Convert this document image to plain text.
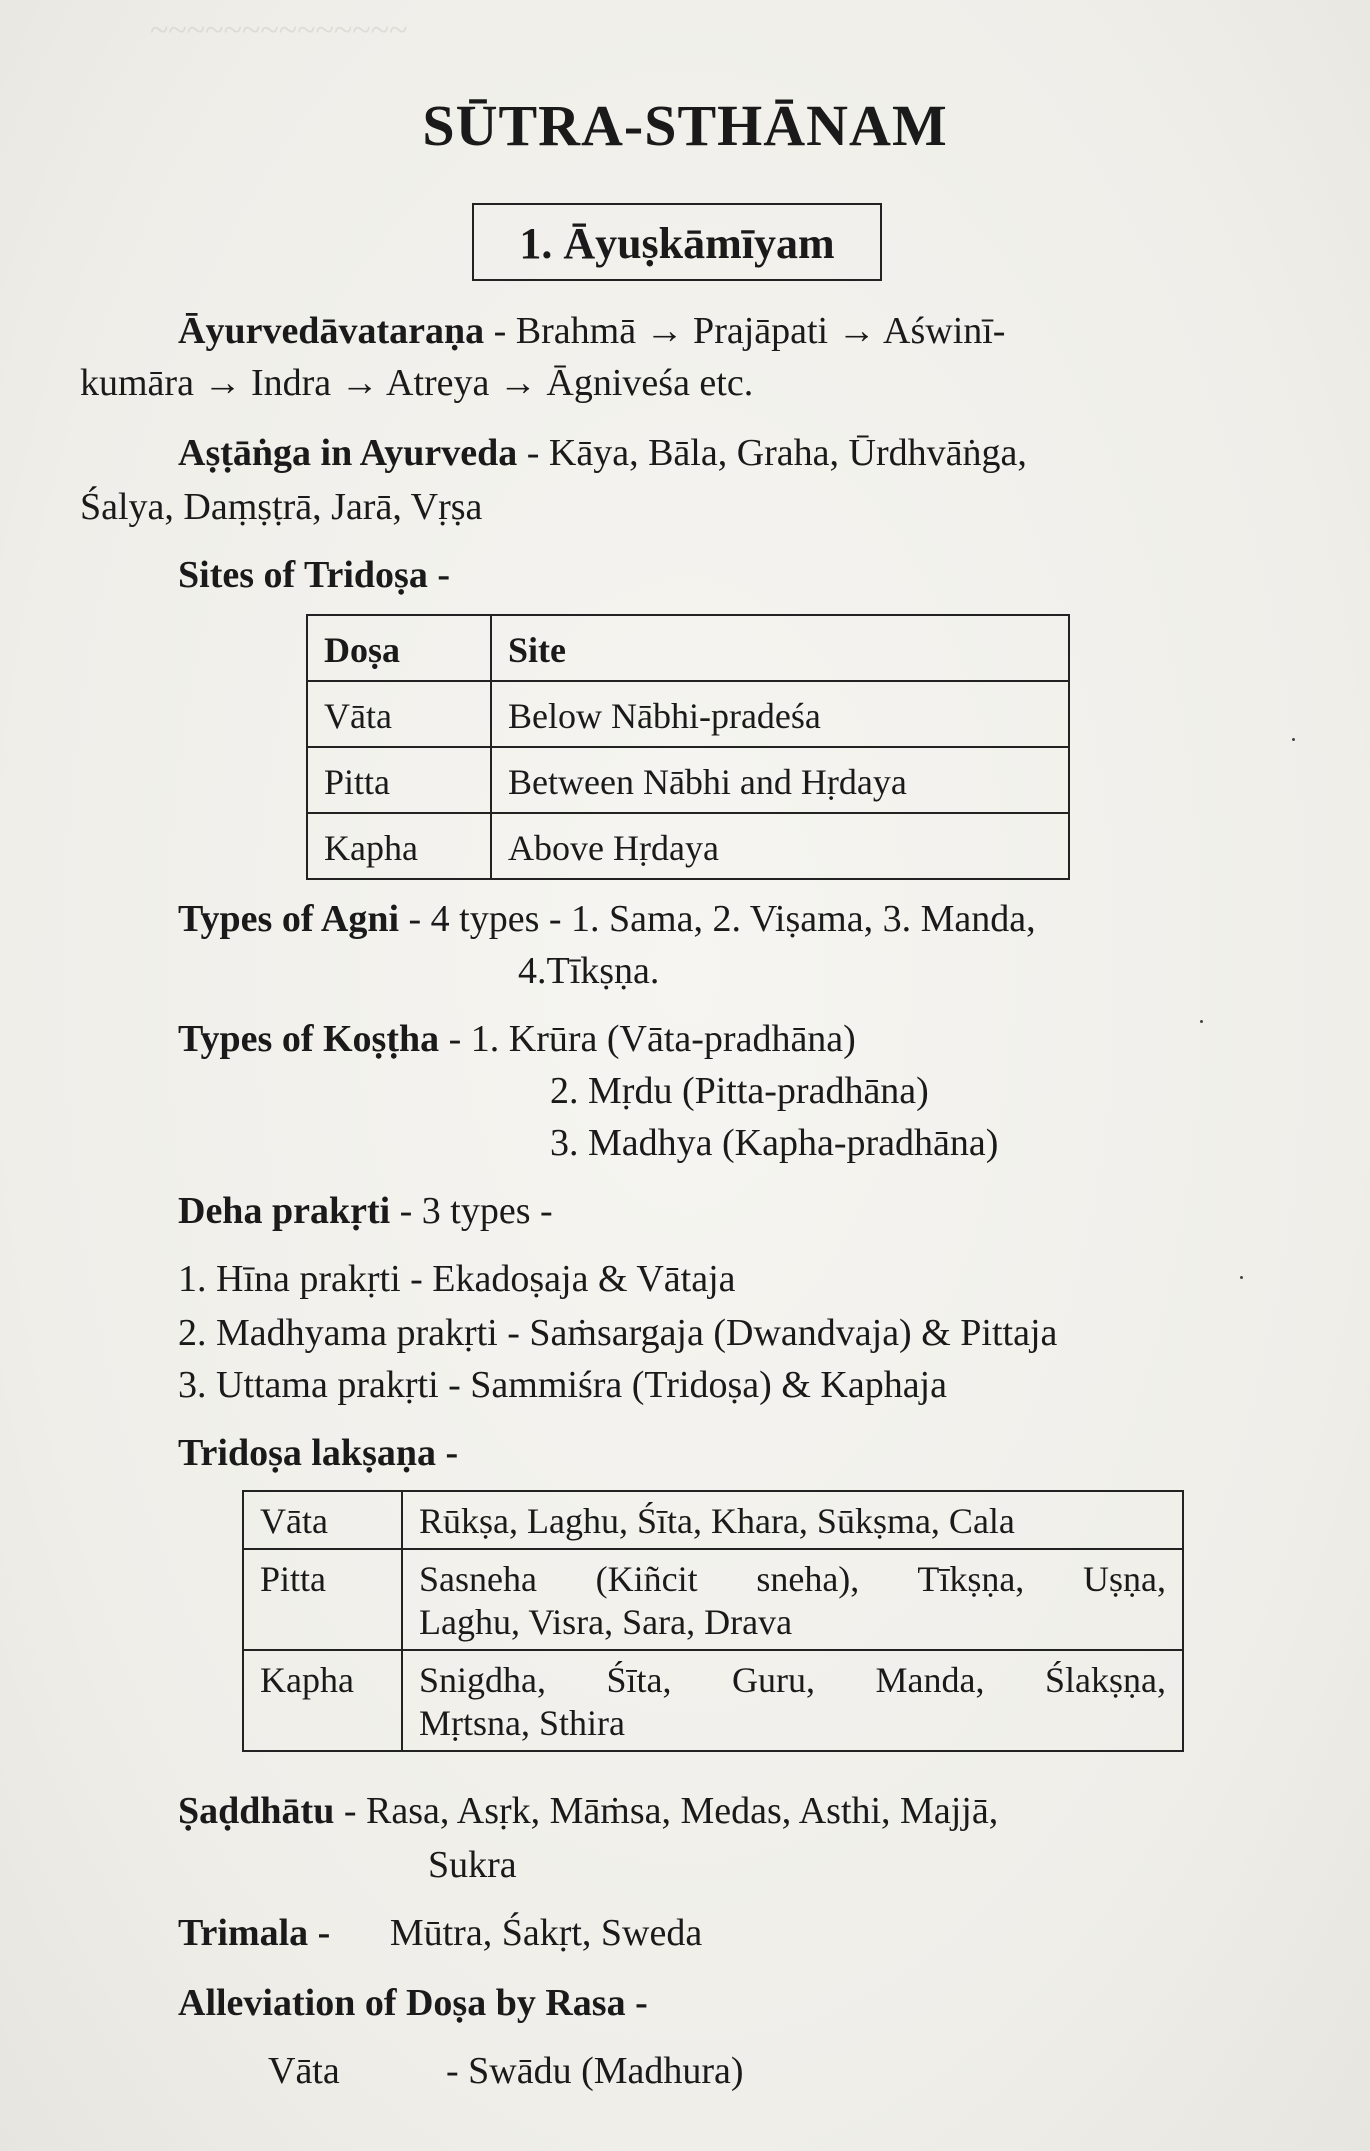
~~~~~~~~~~~~~~
SŪTRA-STHĀNAM
1. Āyuṣkāmīyam
Āyurvedāvataraṇa - Brahmā → Prajāpati → Aświnī-
kumāra → Indra → Atreya → Āgniveśa etc.
Aṣṭāṅga in Ayurveda - Kāya, Bāla, Graha, Ūrdhvāṅga,
Śalya, Daṃṣṭrā, Jarā, Vṛṣa
Sites of Tridoṣa -
Doṣa	Site
Vāta	Below Nābhi-pradeśa
Pitta	Between Nābhi and Hṛdaya
Kapha	Above Hṛdaya
Types of Agni - 4 types - 1. Sama, 2. Viṣama, 3. Manda,
4.Tīkṣṇa.
Types of Koṣṭha - 1. Krūra (Vāta-pradhāna)
2. Mṛdu (Pitta-pradhāna)
3. Madhya (Kapha-pradhāna)
Deha prakṛti - 3 types -
1. Hīna prakṛti - Ekadoṣaja & Vātaja
2. Madhyama prakṛti - Saṁsargaja (Dwandvaja) & Pittaja
3. Uttama prakṛti - Sammiśra (Tridoṣa) & Kaphaja
Tridoṣa lakṣaṇa -
Vāta	Rūkṣa, Laghu, Śīta, Khara, Sūkṣma, Cala
Pitta	Sasneha (Kiñcit sneha), Tīkṣṇa, Uṣṇa,
Laghu, Visra, Sara, Drava

Kapha	Snigdha, Śīta, Guru, Manda, Ślakṣṇa,
Mṛtsna, Sthira
Ṣaḍdhātu - Rasa, Asṛk, Māṁsa, Medas, Asthi, Majjā,
Sukra
Trimala - Mūtra, Śakṛt, Sweda
Alleviation of Doṣa by Rasa -
Vāta	- Swādu (Madhura)
